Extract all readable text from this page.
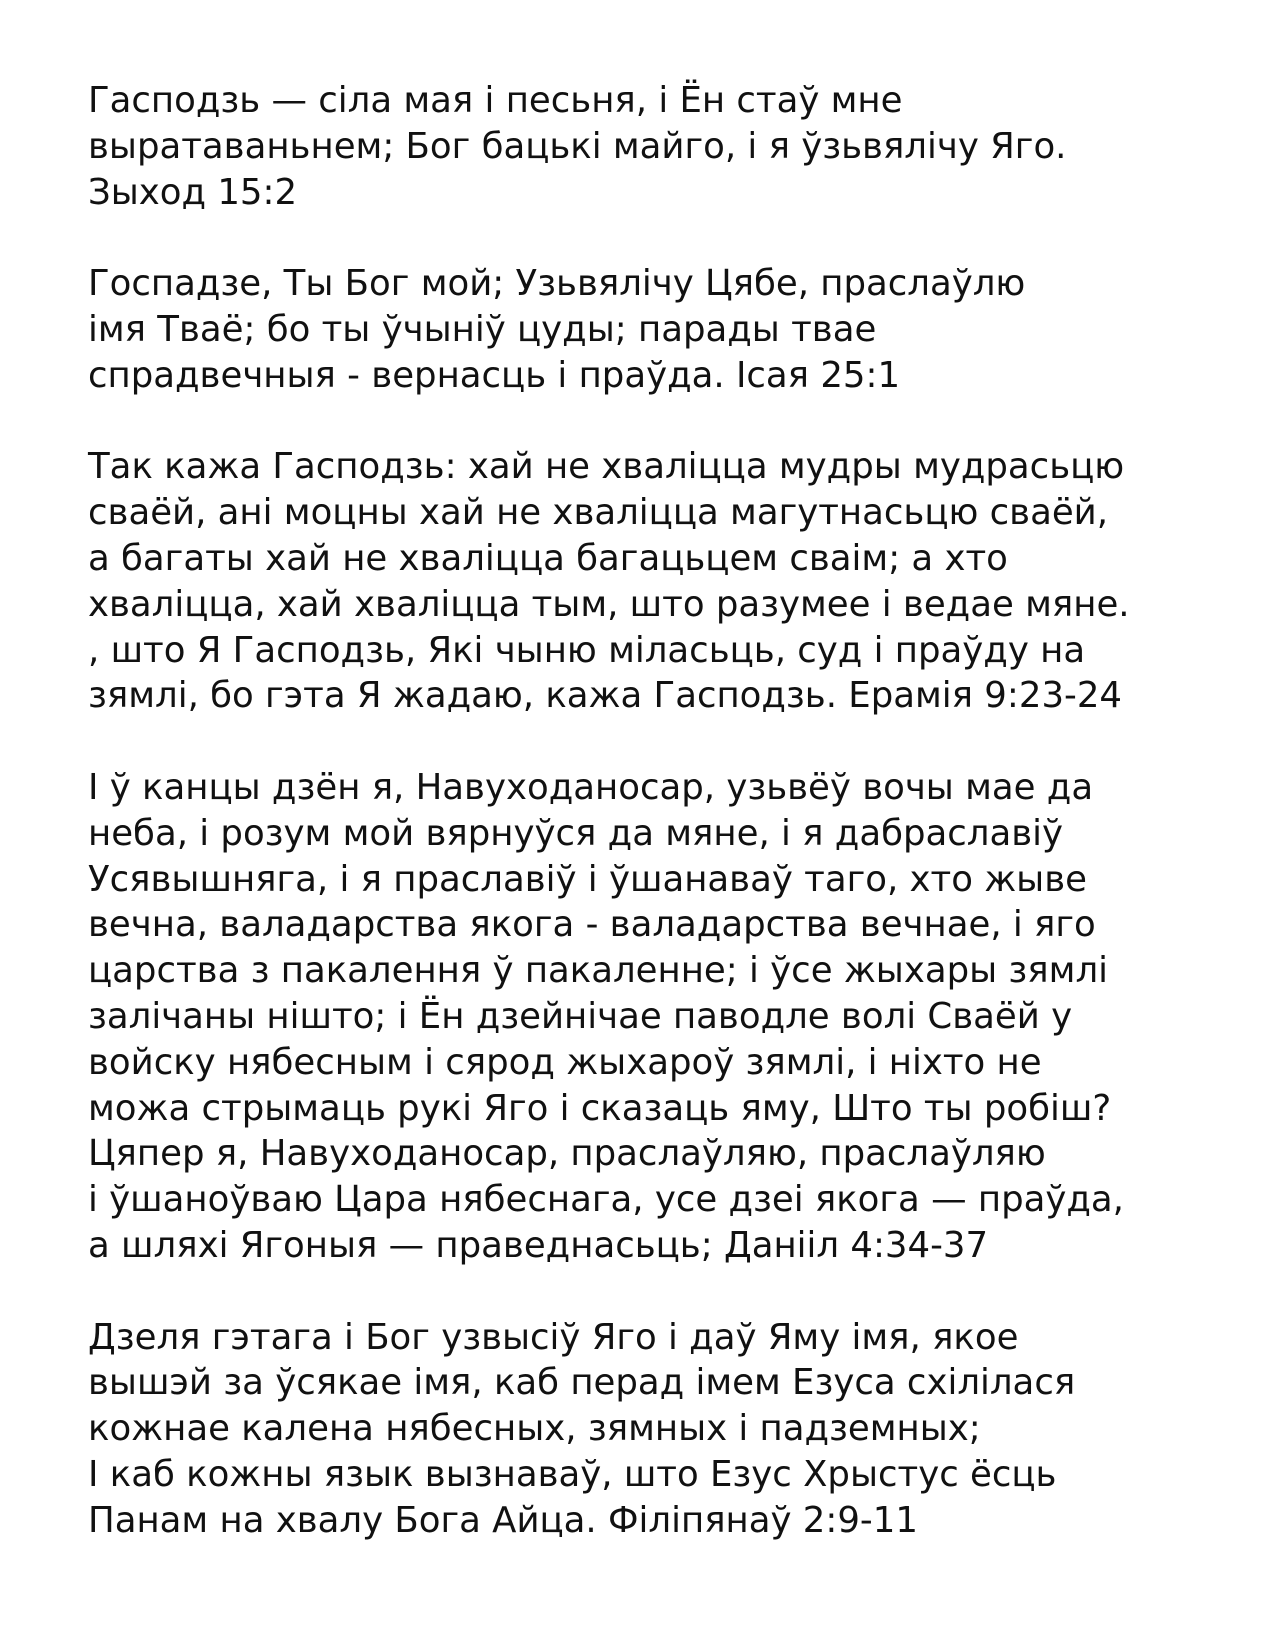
Гасподзь — сіла мая і песьня, і Ён стаў мне
выратаваньнем; Бог бацькі майго, і я ўзьвялічу Яго.
Зыход 15:2
Госпадзе, Ты Бог мой; Узьвялічу Цябе, праслаўлю
імя Тваё; бо ты ўчыніў цуды; парады твае
спрадвечныя - вернасць і праўда. Ісая 25:1
Так кажа Гасподзь: хай не хваліцца мудры мудрасьцю
сваёй, ані моцны хай не хваліцца магутнасьцю сваёй,
а багаты хай не хваліцца багацьцем сваім; а хто
хваліцца, хай хваліцца тым, што разумее і ведае мяне.
, што Я Гасподзь, Які чыню міласьць, суд і праўду на
зямлі, бо гэта Я жадаю, кажа Гасподзь. Ерамія 9:23-24
І ў канцы дзён я, Навуходаносар, узьвёў вочы мае да
неба, і розум мой вярнуўся да мяне, і я дабраславіў
Усявышняга, і я праславіў і ўшанаваў таго, хто жыве
вечна, валадарства якога - валадарства вечнае, і яго
царства з пакалення ў пакаленне; і ўсе жыхары зямлі
залічаны ніштo; і Ён дзейнічае паводле волі Сваёй у
войску нябесным і сярод жыхароў зямлі, і ніхто не
можа стрымаць рукі Яго і сказаць яму, Што ты робіш?
Цяпер я, Навуходаносар, праслаўляю, праслаўляю
і ўшаноўваю Цара нябеснага, усе дзеі якога — праўда,
а шляхі Ягоныя — праведнасьць; Данііл 4:34-37
Дзеля гэтага і Бог узвысіў Яго і даў Яму імя, якое
вышэй за ўсякае імя, каб перад імем Езуса схілілася
кожнае калена нябесных, зямных і падземных;
І каб кожны язык вызнаваў, што Езус Хрыстус ёсць
Панам на хвалу Бога Айца. Філіпянаў 2:9-11
